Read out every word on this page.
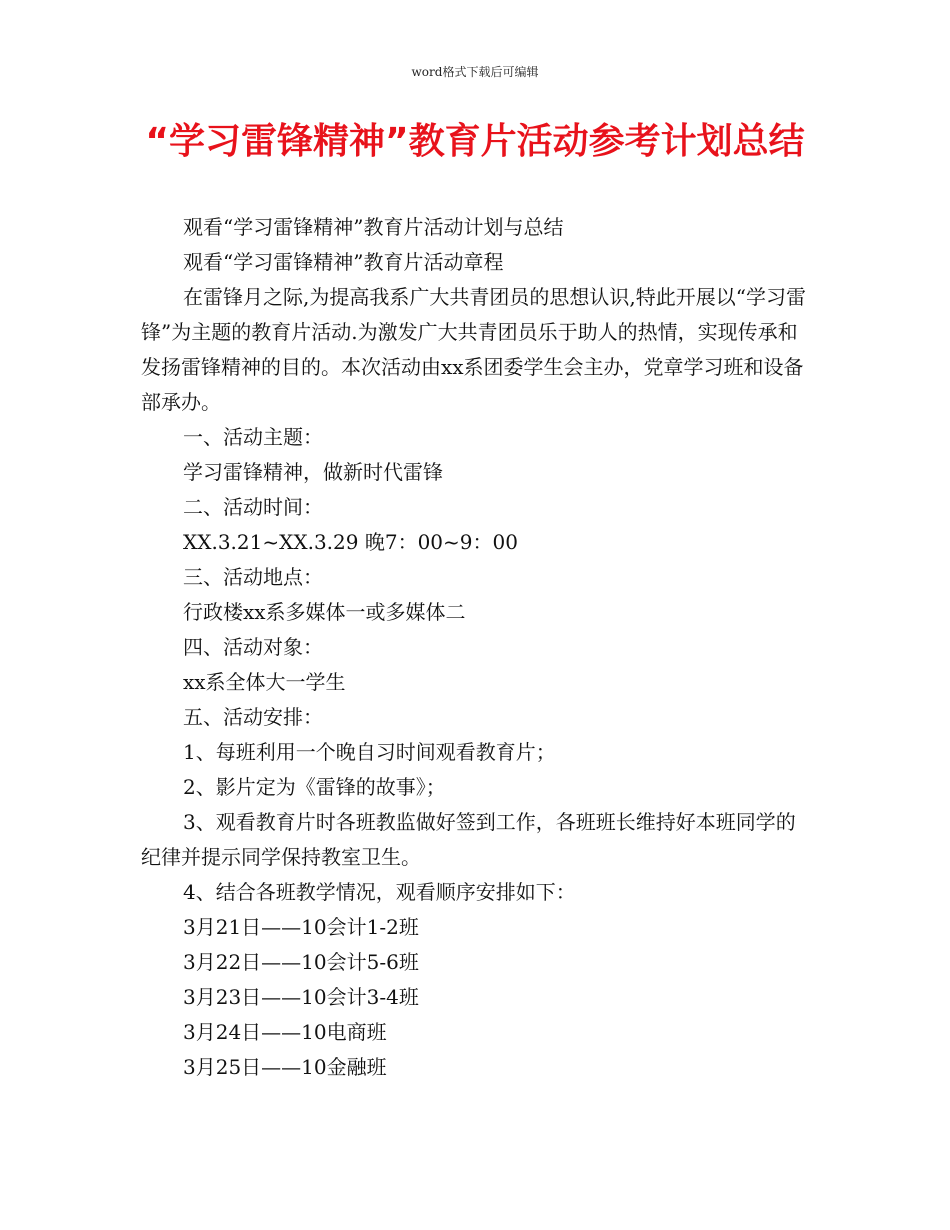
word格式下载后可编辑
“学习雷锋精神”教育片活动参考计划总结

观看“学习雷锋精神”教育片活动计划与总结

观看“学习雷锋精神”教育片活动章程

在雷锋月之际,为提高我系广大共青团员的思想认识,特此开展以“学习雷锋”为主题的教育片活动.为激发广大共青团员乐于助人的热情，实现传承和发扬雷锋精神的目的。本次活动由xx系团委学生会主办，党章学习班和设备部承办。

一、活动主题：

学习雷锋精神，做新时代雷锋

二、活动时间：

XX.3.21~XX.3.29 晚7：00~9：00

三、活动地点：

行政楼xx系多媒体一或多媒体二

四、活动对象：

xx系全体大一学生

五、活动安排：

1、每班利用一个晚自习时间观看教育片；

2、影片定为《雷锋的故事》；

3、观看教育片时各班教监做好签到工作，各班班长维持好本班同学的纪律并提示同学保持教室卫生。

4、结合各班教学情况，观看顺序安排如下：

3月21日——10会计1-2班

3月22日——10会计5-6班

3月23日——10会计3-4班

3月24日——10电商班

3月25日——10金融班
